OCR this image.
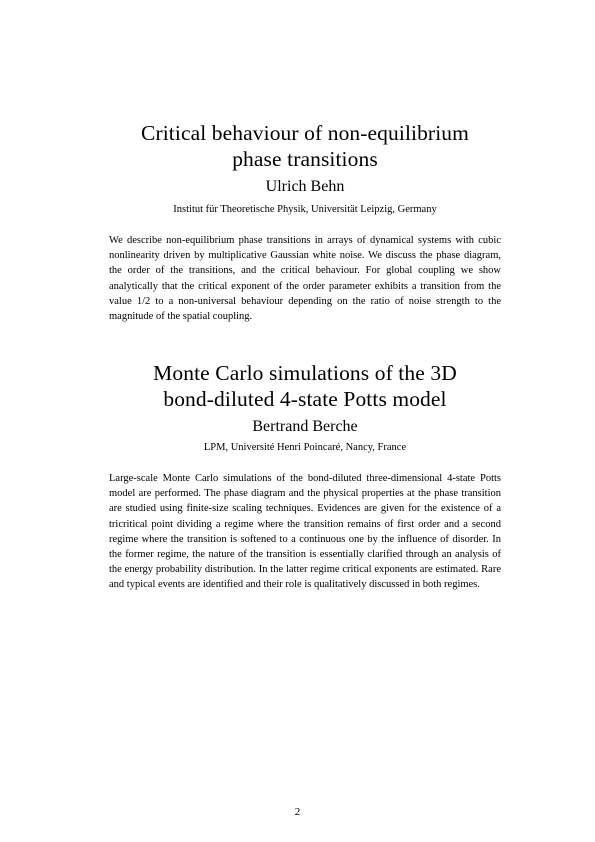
Critical behaviour of non-equilibrium
phase transitions
Ulrich Behn
Institut für Theoretische Physik, Universität Leipzig, Germany

We describe non-equilibrium phase transitions in arrays of dynamical systems with cubic nonlinearity driven by multiplicative Gaussian white noise. We discuss the phase diagram, the order of the transitions, and the critical behaviour. For global coupling we show analytically that the critical exponent of the order parameter exhibits a transition from the value 1/2 to a non-universal behaviour depending on the ratio of noise strength to the magnitude of the spatial coupling.

Monte Carlo simulations of the 3D
bond-diluted 4-state Potts model
Bertrand Berche
LPM, Université Henri Poincaré, Nancy, France

Large-scale Monte Carlo simulations of the bond-diluted three-dimensional 4-state Potts model are performed. The phase diagram and the physical properties at the phase transition are studied using finite-size scaling techniques. Evidences are given for the existence of a tricritical point dividing a regime where the transition remains of first order and a second regime where the transition is softened to a continuous one by the influence of disorder. In the former regime, the nature of the transition is essentially clarified through an analysis of the energy probability distribution. In the latter regime critical exponents are estimated. Rare and typical events are identified and their role is qualitatively discussed in both regimes.

2
